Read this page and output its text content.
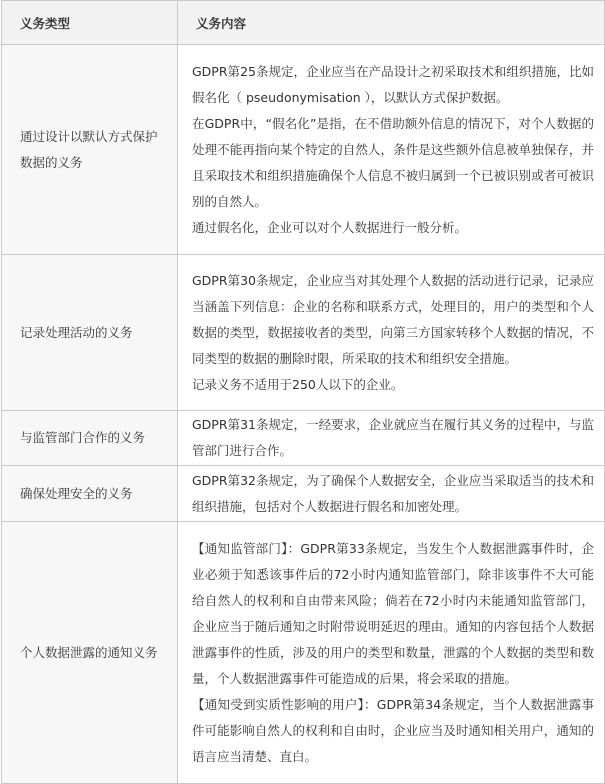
义务类型	义务内容
通过设计以默认方式保护数据的义务	GDPR第25条规定，企业应当在产品设计之初采取技术和组织措施，比如假名化（ pseudonymisation ），以默认方式保护数据。

在GDPR中，“假名化”是指，在不借助额外信息的情况下，对个人数据的处理不能再指向某个特定的自然人，条件是这些额外信息被单独保存，并且采取技术和组织措施确保个人信息不被归属到一个已被识别或者可被识别的自然人。

通过假名化，企业可以对个人数据进行一般分析。

记录处理活动的义务	GDPR第30条规定，企业应当对其处理个人数据的活动进行记录，记录应当涵盖下列信息：企业的名称和联系方式，处理目的，用户的类型和个人数据的类型，数据接收者的类型，向第三方国家转移个人数据的情况，不同类型的数据的删除时限，所采取的技术和组织安全措施。

记录义务不适用于250人以下的企业。

与监管部门合作的义务	GDPR第31条规定，一经要求，企业就应当在履行其义务的过程中，与监管部门进行合作。

确保处理安全的义务	GDPR第32条规定，为了确保个人数据安全，企业应当采取适当的技术和组织措施，包括对个人数据进行假名和加密处理。

个人数据泄露的通知义务	【通知监管部门】：GDPR第33条规定，当发生个人数据泄露事件时，企业必须于知悉该事件后的72小时内通知监管部门，除非该事件不大可能给自然人的权利和自由带来风险；倘若在72小时内未能通知监管部门，企业应当于随后通知之时附带说明延迟的理由。通知的内容包括个人数据泄露事件的性质，涉及的用户的类型和数量，泄露的个人数据的类型和数量，个人数据泄露事件可能造成的后果，将会采取的措施。

【通知受到实质性影响的用户】：GDPR第34条规定，当个人数据泄露事件可能影响自然人的权利和自由时，企业应当及时通知相关用户，通知的语言应当清楚、直白。
